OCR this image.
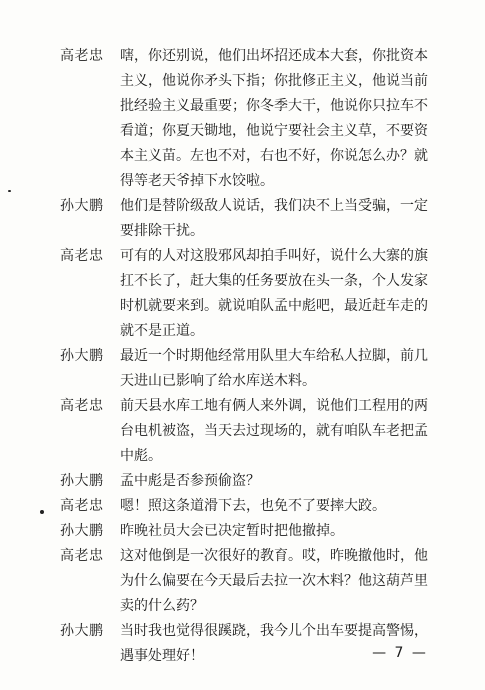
高老忠	嗐，你还别说，他们出坏招还成本大套，你批资本
主义，他说你矛头下指；你批修正主义，他说当前
批经验主义最重要；你冬季大干，他说你只拉车不
看道；你夏天锄地，他说宁要社会主义草，不要资
本主义苗。左也不对，右也不好，你说怎么办？就
得等老天爷掉下水饺啦。

孙大鹏	他们是替阶级敌人说话，我们决不上当受骗，一定
要排除干扰。

高老忠	可有的人对这股邪风却拍手叫好，说什么大寨的旗
扛不长了，赶大集的任务要放在头一条，个人发家
时机就要来到。就说咱队孟中彪吧，最近赶车走的
就不是正道。

孙大鹏	最近一个时期他经常用队里大车给私人拉脚，前几
天进山已影响了给水库送木料。

高老忠	前天县水库工地有俩人来外调，说他们工程用的两
台电机被盗，当天去过现场的，就有咱队车老把孟
中彪。

孙大鹏	孟中彪是否参预偷盗？

高老忠	嗯！照这条道滑下去，也免不了要摔大跤。

孙大鹏	昨晚社员大会已决定暂时把他撤掉。

高老忠	这对他倒是一次很好的教育。哎，昨晚撤他时，他
为什么偏要在今天最后去拉一次木料？他这葫芦里
卖的什么药？

孙大鹏	当时我也觉得很蹊跷，我今儿个出车要提高警惕，
遇事处理好！	— 7 —
